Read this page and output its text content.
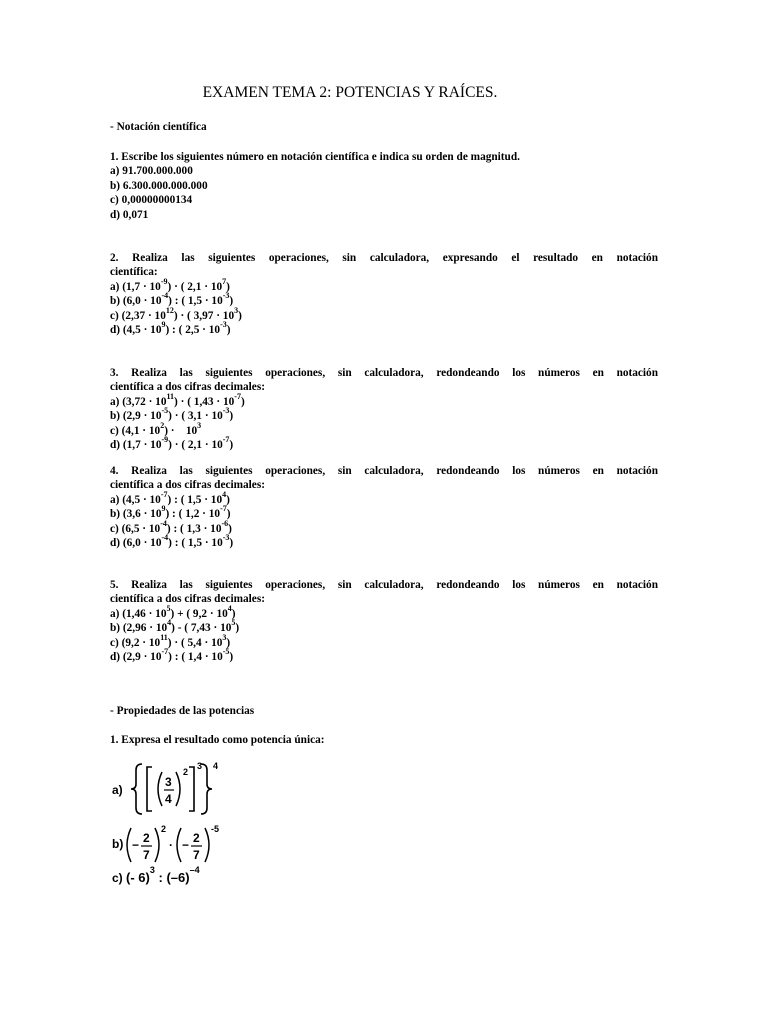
EXAMEN TEMA 2: POTENCIAS Y RAÍCES.
- Notación científica
1. Escribe los siguientes número en notación científica e indica su orden de magnitud.
a) 91.700.000.000
b) 6.300.000.000.000
c) 0,00000000134
d) 0,071
2. Realiza las siguientes operaciones, sin calculadora, expresando el resultado en notación
científica:
a) $(1,7 \cdot 10^{-9})$ · ( $2,1 \cdot 10^7$)
b) $(6,0 \cdot 10^{-4})$ : ( $1,5 \cdot 10^{-3}$)
c) $(2,37 \cdot 10^{12})$ · ( $3,97 \cdot 10^3$)
d) $(4,5 \cdot 10^9)$ : ( $2,5 \cdot 10^{-3}$)
3. Realiza las siguientes operaciones, sin calculadora, redondeando los números en notación
científica a dos cifras decimales:
a) $(3,72 \cdot 10^{11})$ · ( $1,43 \cdot 10^{-7}$)
b) $(2,9 \cdot 10^{-5})$ · ( $3,1 \cdot 10^{-3}$)
c) $(4,1 \cdot 10^2)$ ·    $10^3$
d) $(1,7 \cdot 10^{-9})$ · ( $2,1 \cdot 10^{-7}$)
4. Realiza las siguientes operaciones, sin calculadora, redondeando los números en notación
científica a dos cifras decimales:
a) $(4,5 \cdot 10^{-7})$ : ( $1,5 \cdot 10^4$)
b) $(3,6 \cdot 10^9)$ : ( $1,2 \cdot 10^{-7}$)
c) $(6,5 \cdot 10^{-4})$ : ( $1,3 \cdot 10^{-6}$)
d) $(6,0 \cdot 10^{-4})$ : ( $1,5 \cdot 10^{-3}$)
5. Realiza las siguientes operaciones, sin calculadora, redondeando los números en notación
científica a dos cifras decimales:
a) $(1,46 \cdot 10^5)$ + ( $9,2 \cdot 10^4$)
b) $(2,96 \cdot 10^4)$ - ( $7,43 \cdot 10^5$)
c) $(9,2 \cdot 10^{11})$ · ( $5,4 \cdot 10^3$)
d) $(2,9 \cdot 10^{-7})$ : ( $1,4 \cdot 10^{-5}$)
- Propiedades de las potencias
1. Expresa el resultado como potencia única:
a)
3
4
2
3 4
b) − 2
7
2
· − 2
7
-5
c) (- 6)$^3$ : $(-6)^{-4}$
